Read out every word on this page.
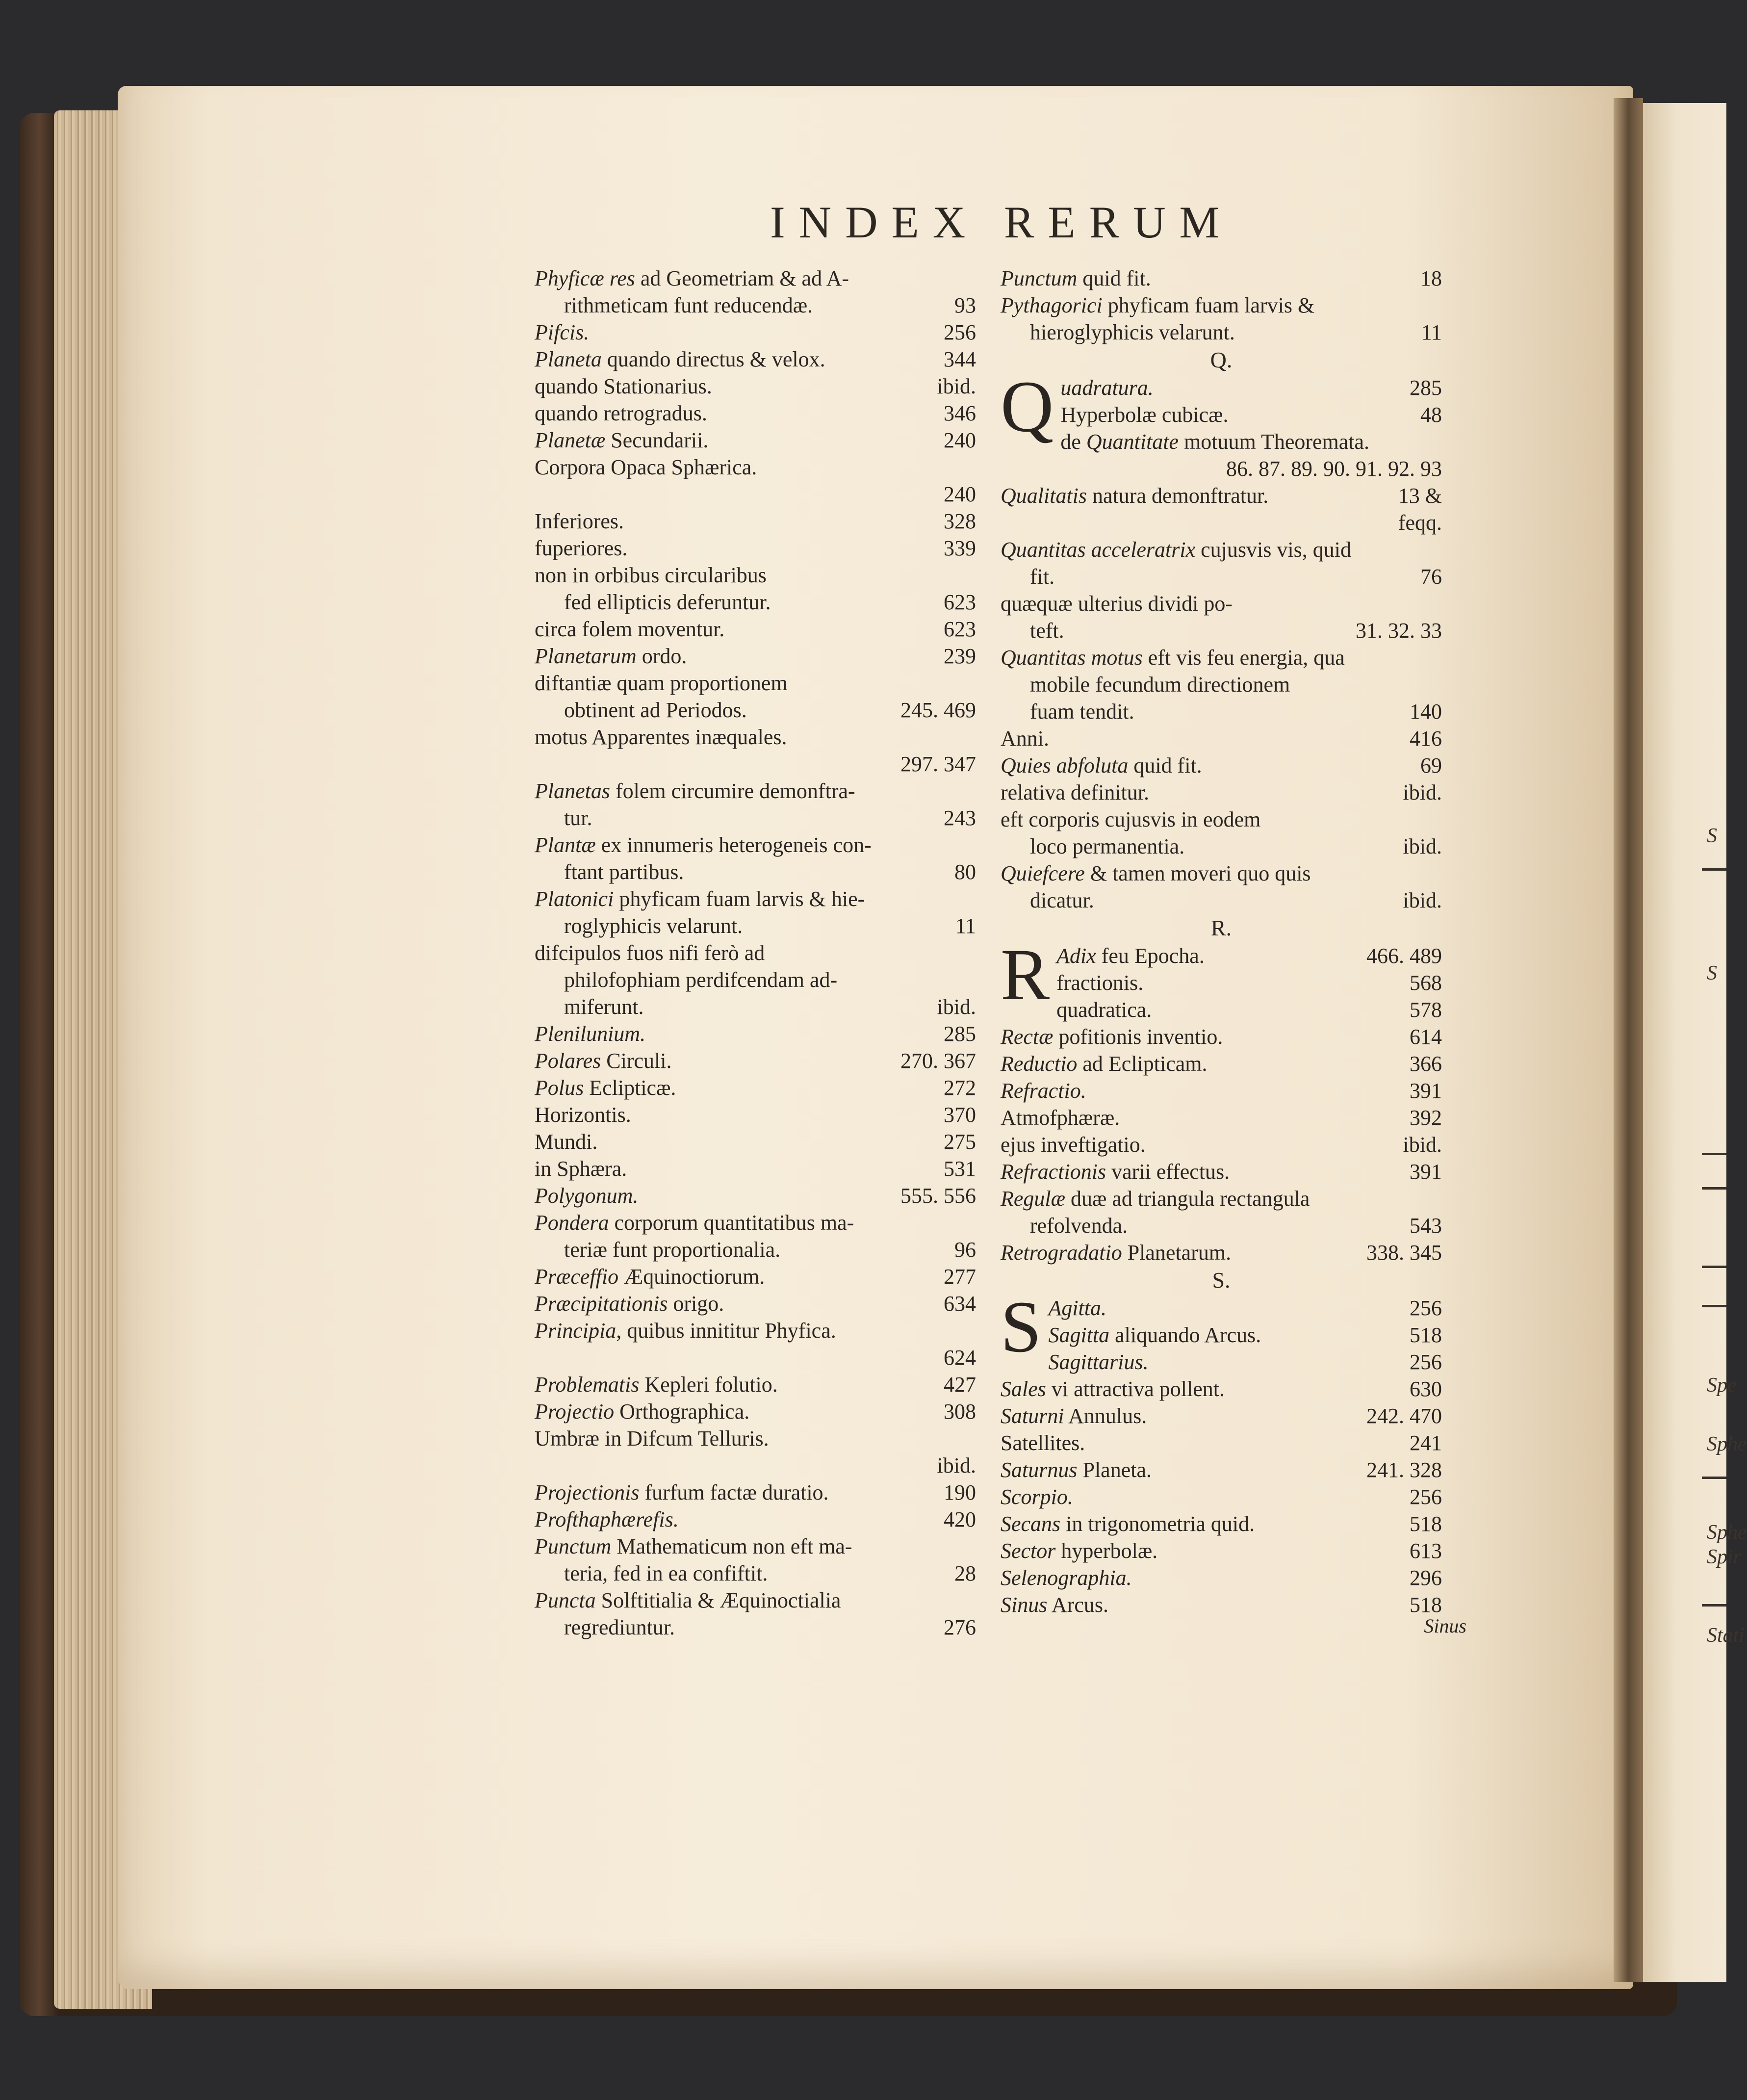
S
S
Spe
Sphe
Sphe
Spir
Stati
INDEX RERUM
Phyficæ res ad Geometriam & ad A-
rithmeticam funt reducendæ.	93
Pifcis.	256
Planeta quando directus & velox.	344
quando Stationarius.	ibid.
quando retrogradus.	346
Planetæ Secundarii.	240
Corpora Opaca Sphærica.
240
Inferiores.	328
fuperiores.	339
non in orbibus circularibus
fed ellipticis deferuntur.	623
circa folem moventur.	623
Planetarum ordo.	239
diftantiæ quam proportionem
obtinent ad Periodos.	245. 469
motus Apparentes inæquales.
297. 347
Planetas folem circumire demonftra-
tur.	243
Plantæ ex innumeris heterogeneis con-
ftant partibus.	80
Platonici phyficam fuam larvis & hie-
roglyphicis velarunt.	11
difcipulos fuos nifi ferò ad
philofophiam perdifcendam ad-
miferunt.	ibid.
Plenilunium.	285
Polares Circuli.	270. 367
Polus Eclipticæ.	272
Horizontis.	370
Mundi.	275
in Sphæra.	531
Polygonum.	555. 556
Pondera corporum quantitatibus ma-
teriæ funt proportionalia.	96
Præceffio Æquinoctiorum.	277
Præcipitationis origo.	634
Principia, quibus innititur Phyfica.
624
Problematis Kepleri folutio.	427
Projectio Orthographica.	308
Umbræ in Difcum Telluris.
ibid.
Projectionis furfum factæ duratio.	190
Profthaphærefis.	420
Punctum Mathematicum non eft ma-
teria, fed in ea confiftit.	28
Puncta Solftitialia & Æquinoctialia
regrediuntur.	276
Punctum quid fit.	18
Pythagorici phyficam fuam larvis &
hieroglyphicis velarunt.	11
Q.
Quadratura.	285
Hyperbolæ cubicæ.	48
de Quantitate motuum Theoremata.
86. 87. 89. 90. 91. 92. 93
Qualitatis natura demonftratur.	13 &
feqq.
Quantitas acceleratrix cujusvis vis, quid
fit.	76
quæquæ ulterius dividi po-
teft.	31. 32. 33
Quantitas motus eft vis feu energia, qua
mobile fecundum directionem
fuam tendit.	140
Anni.	416
Quies abfoluta quid fit.	69
relativa definitur.	ibid.
eft corporis cujusvis in eodem
loco permanentia.	ibid.
Quiefcere & tamen moveri quo quis
dicatur.	ibid.
R.
R Adix feu Epocha.	466. 489
fractionis.	568
quadratica.	578
Rectæ pofitionis inventio.	614
Reductio ad Eclipticam.	366
Refractio.	391
Atmofphæræ.	392
ejus inveftigatio.	ibid.
Refractionis varii effectus.	391
Regulæ duæ ad triangula rectangula
refolvenda.	543
Retrogradatio Planetarum.	338. 345
S.
S Agitta.	256
Sagitta aliquando Arcus.	518
Sagittarius.	256
Sales vi attractiva pollent.	630
Saturni Annulus.	242. 470
Satellites.	241
Saturnus Planeta.	241. 328
Scorpio.	256
Secans in trigonometria quid.	518
Sector hyperbolæ.	613
Selenographia.	296
Sinus Arcus.	518
Sinus
